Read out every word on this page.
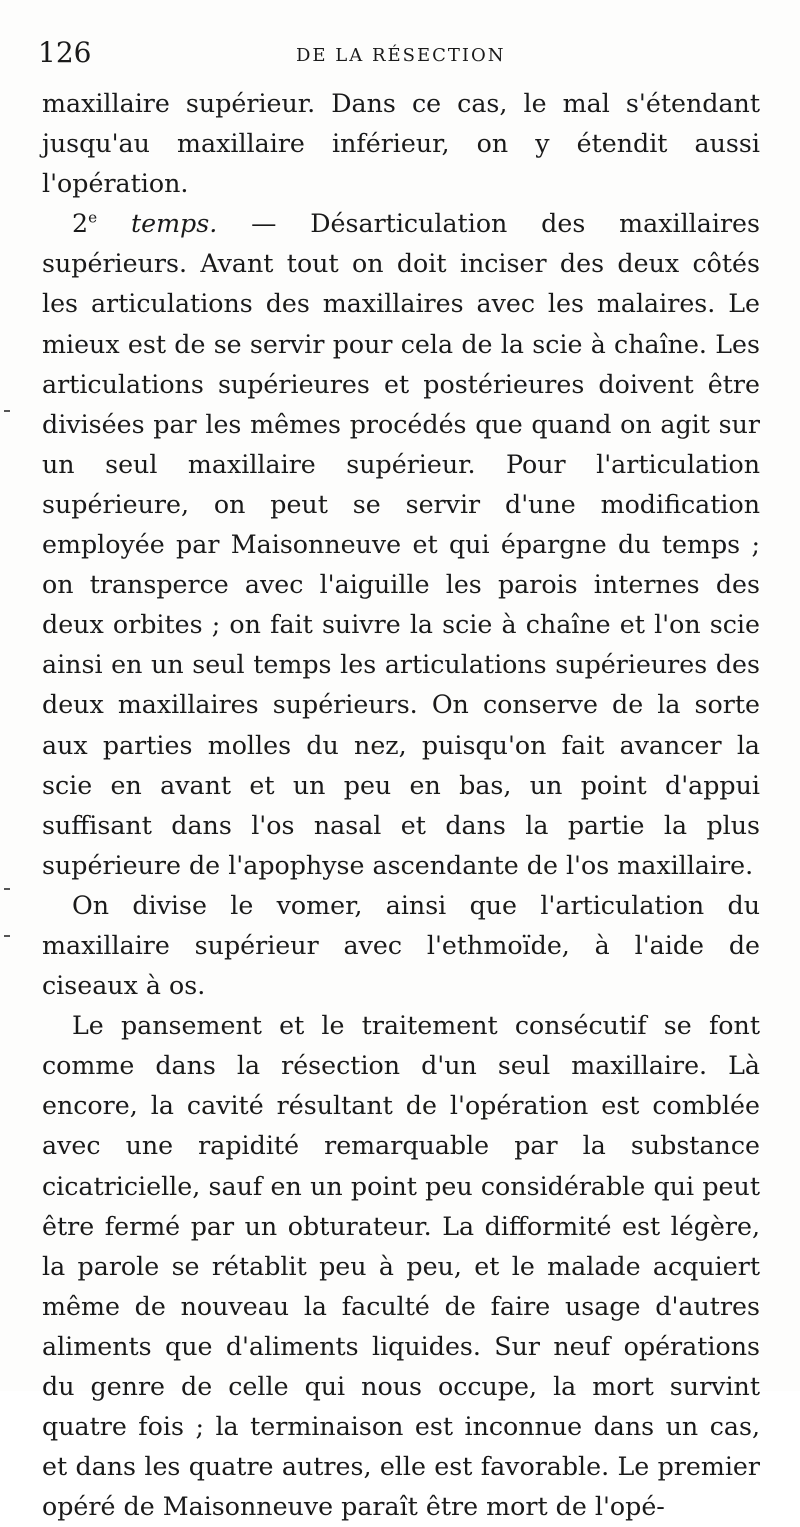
126	DE LA RÉSECTION

maxillaire supérieur. Dans ce cas, le mal s'étendant jusqu'au maxillaire inférieur, on y étendit aussi l'opération.

2e temps. — Désarticulation des maxillaires supérieurs. Avant tout on doit inciser des deux côtés les articulations des maxillaires avec les malaires. Le mieux est de se servir pour cela de la scie à chaîne. Les articulations supérieures et postérieures doivent être divisées par les mêmes procédés que quand on agit sur un seul maxillaire supérieur. Pour l'articulation supérieure, on peut se servir d'une modification employée par Maisonneuve et qui épargne du temps ; on transperce avec l'aiguille les parois internes des deux orbites ; on fait suivre la scie à chaîne et l'on scie ainsi en un seul temps les articulations supérieures des deux maxillaires supérieurs. On conserve de la sorte aux parties molles du nez, puisqu'on fait avancer la scie en avant et un peu en bas, un point d'appui suffisant dans l'os nasal et dans la partie la plus supérieure de l'apophyse ascendante de l'os maxillaire.

On divise le vomer, ainsi que l'articulation du maxillaire supérieur avec l'ethmoïde, à l'aide de ciseaux à os.

Le pansement et le traitement consécutif se font comme dans la résection d'un seul maxillaire. Là encore, la cavité résultant de l'opération est comblée avec une rapidité remarquable par la substance cicatricielle, sauf en un point peu considérable qui peut être fermé par un obturateur. La difformité est légère, la parole se rétablit peu à peu, et le malade acquiert même de nouveau la faculté de faire usage d'autres aliments que d'aliments liquides. Sur neuf opérations du genre de celle qui nous occupe, la mort survint quatre fois ; la terminaison est inconnue dans un cas, et dans les quatre autres, elle est favorable. Le premier opéré de Maisonneuve paraît être mort de l'opé-
